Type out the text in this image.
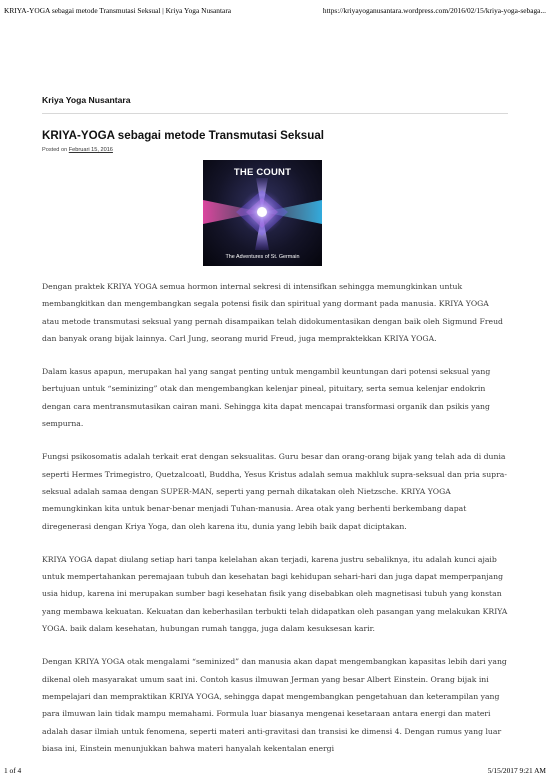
KRIYA-YOGA sebagai metode Transmutasi Seksual | Kriya Yoga Nusantara	https://kriyayoganusantara.wordpress.com/2016/02/15/kriya-yoga-sebaga...
Kriya Yoga Nusantara
KRIYA-YOGA sebagai metode Transmutasi Seksual
Posted on Februari 15, 2016
THE COUNT
The Adventures of St. Germain

Dengan praktek KRIYA YOGA semua hormon internal sekresi di intensifkan sehingga memungkinkan untuk membangkitkan dan mengembangkan segala potensi fisik dan spiritual yang dormant pada manusia. KRIYA YOGA atau metode transmutasi seksual yang pernah disampaikan telah didokumentasikan dengan baik oleh Sigmund Freud dan banyak orang bijak lainnya. Carl Jung, seorang murid Freud, juga mempraktekkan KRIYA YOGA.

Dalam kasus apapun, merupakan hal yang sangat penting untuk mengambil keuntungan dari potensi seksual yang bertujuan untuk “seminizing” otak dan mengembangkan kelenjar pineal, pituitary, serta semua kelenjar endokrin dengan cara mentransmutasikan cairan mani. Sehingga kita dapat mencapai transformasi organik dan psikis yang sempurna.

Fungsi psikosomatis adalah terkait erat dengan seksualitas. Guru besar dan orang-orang bijak yang telah ada di dunia seperti Hermes Trimegistro, Quetzalcoatl, Buddha, Yesus Kristus adalah semua makhluk supra-seksual dan pria supra-seksual adalah samaa dengan SUPER-MAN, seperti yang pernah dikatakan oleh Nietzsche. KRIYA YOGA memungkinkan kita untuk benar-benar menjadi Tuhan-manusia. Area otak yang berhenti berkembang dapat diregenerasi dengan Kriya Yoga, dan oleh karena itu, dunia yang lebih baik dapat diciptakan.

KRIYA YOGA dapat diulang setiap hari tanpa kelelahan akan terjadi, karena justru sebaliknya, itu adalah kunci ajaib untuk mempertahankan peremajaan tubuh dan kesehatan bagi kehidupan sehari-hari dan juga dapat memperpanjang usia hidup, karena ini merupakan sumber bagi kesehatan fisik yang disebabkan oleh magnetisasi tubuh yang konstan yang membawa kekuatan. Kekuatan dan keberhasilan terbukti telah didapatkan oleh pasangan yang melakukan KRIYA YOGA. baik dalam kesehatan, hubungan rumah tangga, juga dalam kesuksesan karir.

Dengan KRIYA YOGA otak mengalami “seminized” dan manusia akan dapat mengembangkan kapasitas lebih dari yang dikenal oleh masyarakat umum saat ini. Contoh kasus ilmuwan Jerman yang besar Albert Einstein. Orang bijak ini mempelajari dan mempraktikan KRIYA YOGA, sehingga dapat mengembangkan pengetahuan dan keterampilan yang para ilmuwan lain tidak mampu memahami. Formula luar biasanya mengenai kesetaraan antara energi dan materi adalah dasar ilmiah untuk fenomena, seperti materi anti-gravitasi dan transisi ke dimensi 4. Dengan rumus yang luar biasa ini, Einstein menunjukkan bahwa materi hanyalah kekentalan energi

1 of 4	5/15/2017 9:21 AM
